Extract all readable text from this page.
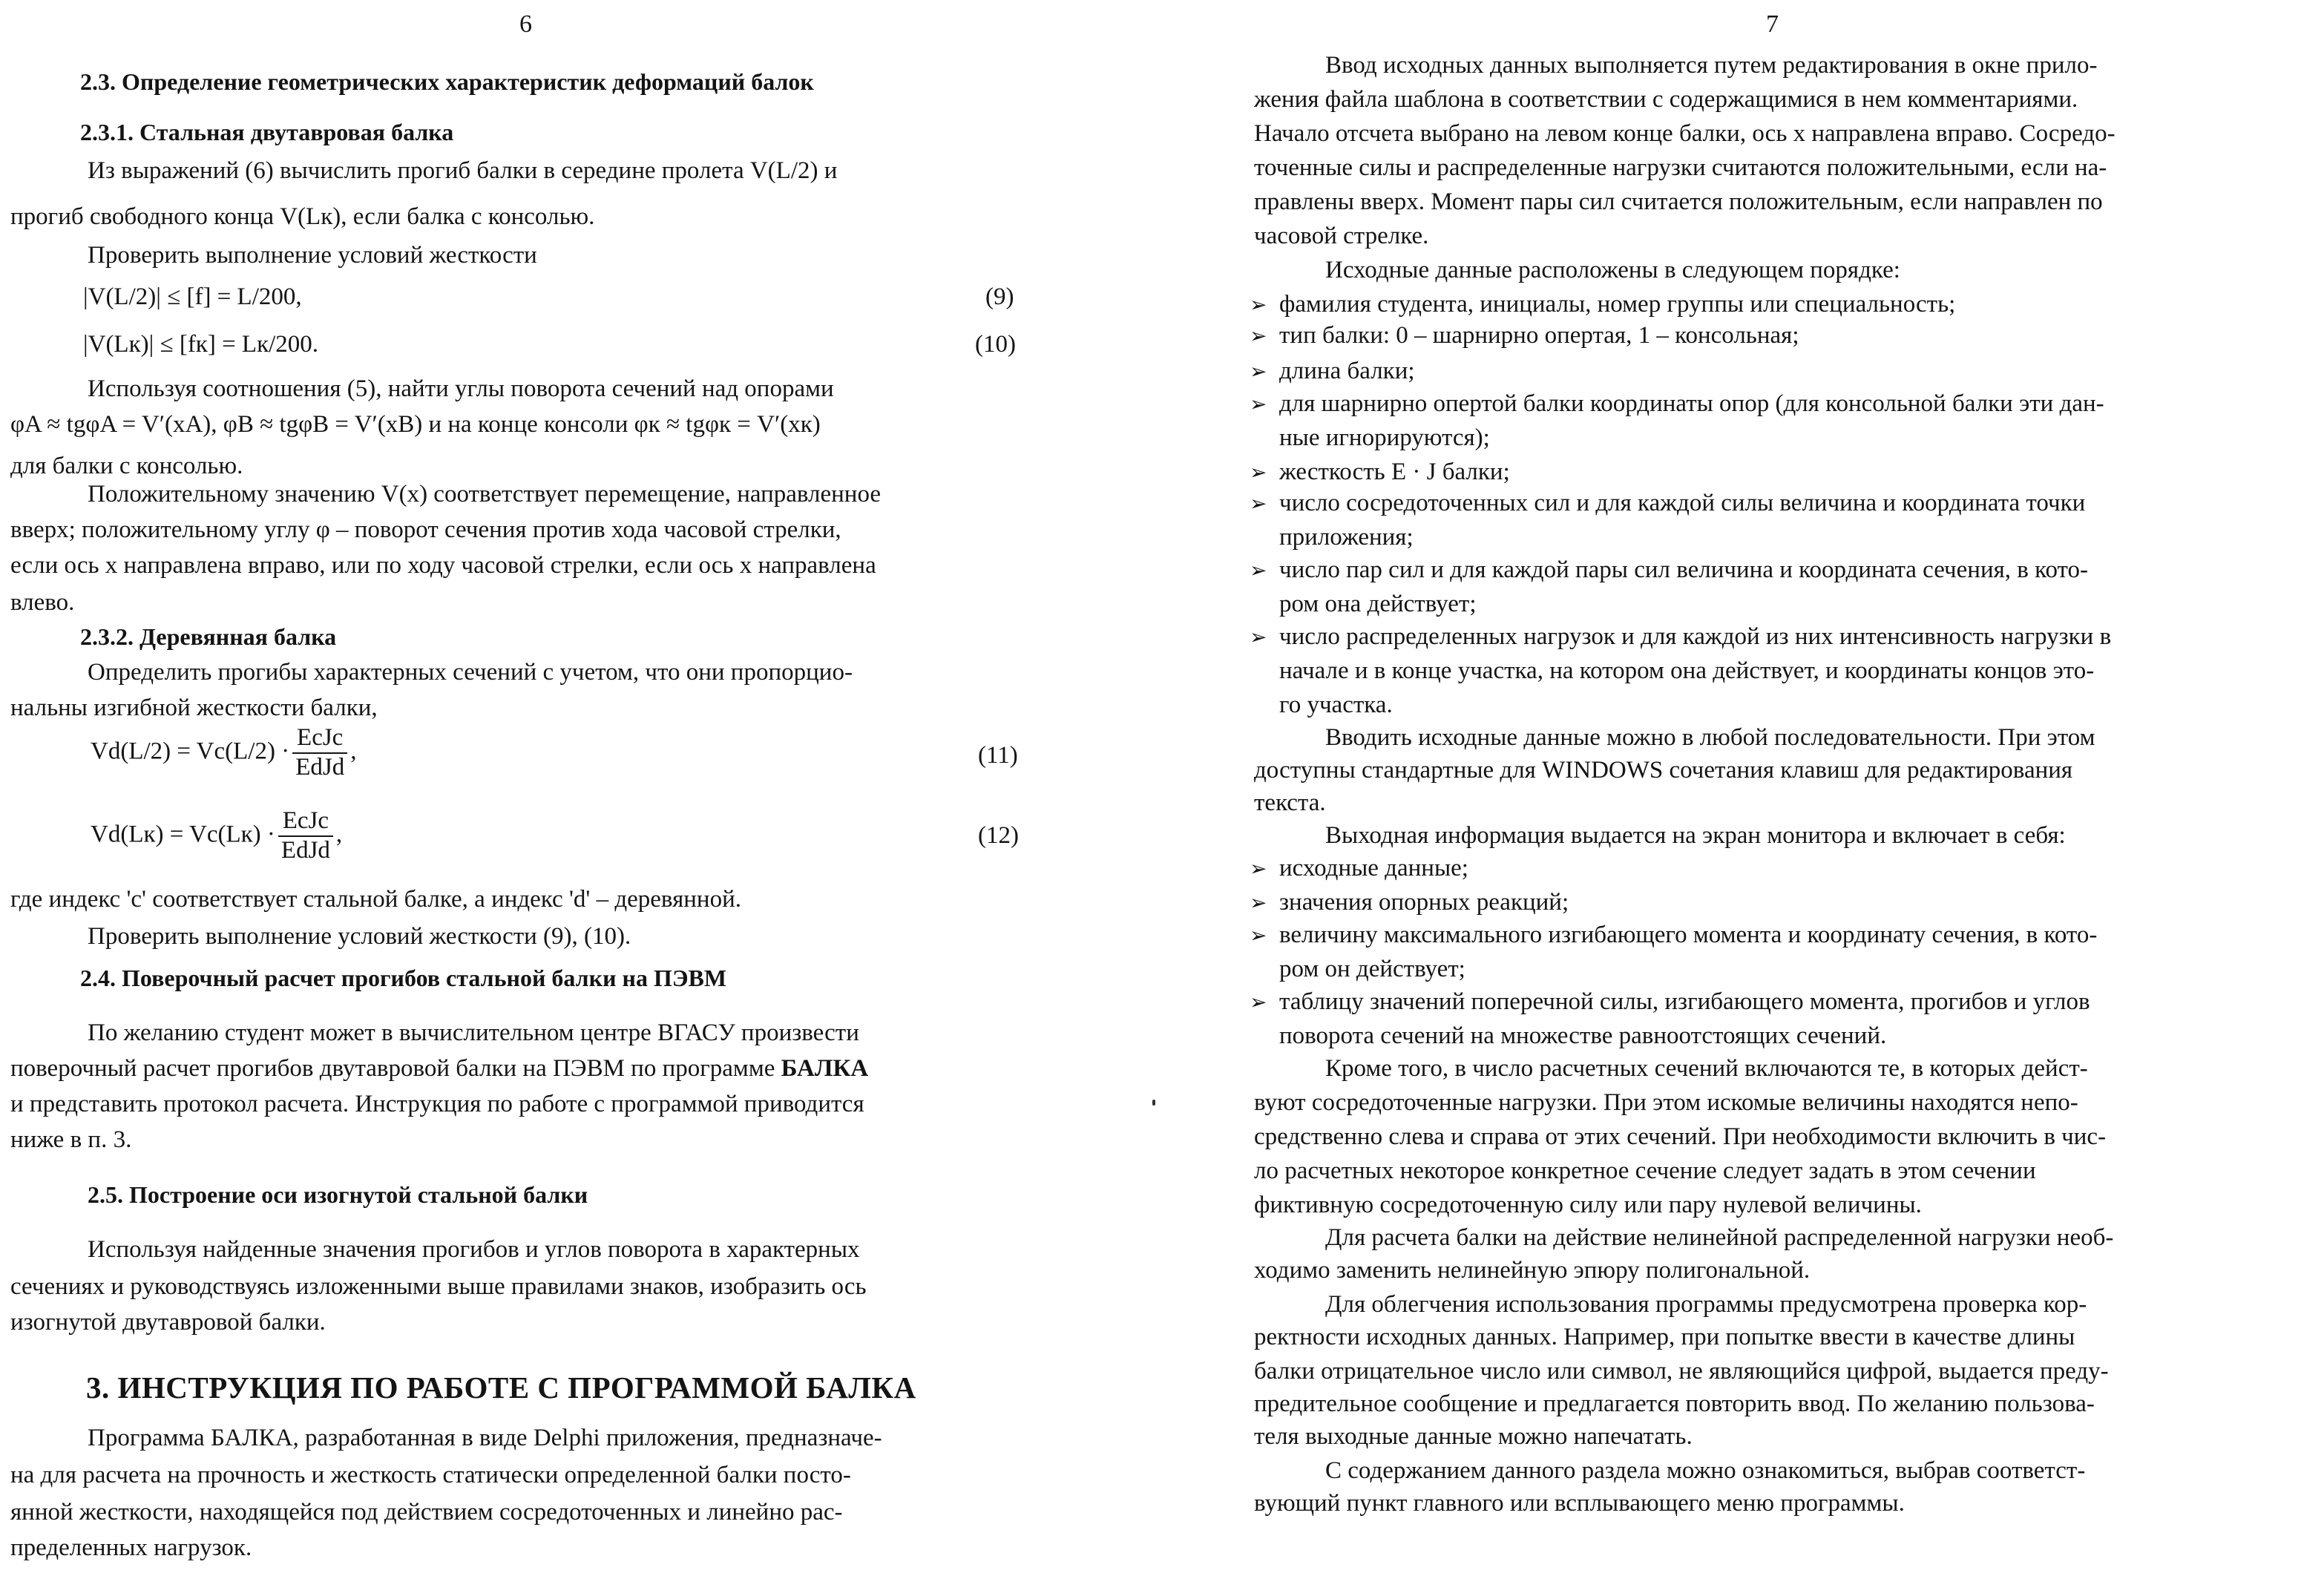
6
2.3. Определение геометрических характеристик деформаций балок
2.3.1. Стальная двутавровая балка
Из выражений (6) вычислить прогиб балки в середине пролета V(L/2) и
прогиб свободного конца V(Lк), если балка с консолью.
Проверить выполнение условий жесткости
|V(L/2)| ≤ [f] = L/200,	(9)
|V(Lк)| ≤ [fк] = Lк/200.	(10)
Используя соотношения (5), найти углы поворота сечений над опорами
φA ≈ tgφA = V′(xA), φB ≈ tgφB = V′(xB) и на конце консоли φк ≈ tgφк = V′(xк)
для балки с консолью.
Положительному значению V(x) соответствует перемещение, направленное
вверх; положительному углу φ – поворот сечения против хода часовой стрелки,
если ось x направлена вправо, или по ходу часовой стрелки, если ось x направлена
влево.
2.3.2. Деревянная балка
Определить прогибы характерных сечений с учетом, что они пропорцио-
нальны изгибной жесткости балки,
Vd(L/2) = Vc(L/2) ·
EcJc
EdJd
,	(11)
Vd(Lк) = Vc(Lк) ·
EcJc
EdJd
,	(12)
где индекс 'c' соответствует стальной балке, а индекс 'd' – деревянной.
Проверить выполнение условий жесткости (9), (10).
2.4. Поверочный расчет прогибов стальной балки на ПЭВМ
По желанию студент может в вычислительном центре ВГАСУ произвести
поверочный расчет прогибов двутавровой балки на ПЭВМ по программе БАЛКА
и представить протокол расчета. Инструкция по работе с программой приводится
ниже в п. 3.
2.5. Построение оси изогнутой стальной балки
Используя найденные значения прогибов и углов поворота в характерных
сечениях и руководствуясь изложенными выше правилами знаков, изобразить ось
изогнутой двутавровой балки.
3. ИНСТРУКЦИЯ ПО РАБОТЕ С ПРОГРАММОЙ БАЛКА
Программа БАЛКА, разработанная в виде Delphi приложения, предназначе-
на для расчета на прочность и жесткость статически определенной балки посто-
янной жесткости, находящейся под действием сосредоточенных и линейно рас-
пределенных нагрузок.
7
Ввод исходных данных выполняется путем редактирования в окне прило-
жения файла шаблона в соответствии с содержащимися в нем комментариями.
Начало отсчета выбрано на левом конце балки, ось x направлена вправо. Сосредо-
точенные силы и распределенные нагрузки считаются положительными, если на-
правлены вверх. Момент пары сил считается положительным, если направлен по
часовой стрелке.
Исходные данные расположены в следующем порядке:
➢ фамилия студента, инициалы, номер группы или специальность;
➢ тип балки: 0 – шарнирно опертая, 1 – консольная;
➢ длина балки;
➢ для шарнирно опертой балки координаты опор (для консольной балки эти дан-
ные игнорируются);
➢ жесткость E · J балки;
➢ число сосредоточенных сил и для каждой силы величина и координата точки
приложения;
➢ число пар сил и для каждой пары сил величина и координата сечения, в кото-
ром она действует;
➢ число распределенных нагрузок и для каждой из них интенсивность нагрузки в
начале и в конце участка, на котором она действует, и координаты концов это-
го участка.
Вводить исходные данные можно в любой последовательности. При этом
доступны стандартные для WINDOWS сочетания клавиш для редактирования
текста.
Выходная информация выдается на экран монитора и включает в себя:
➢ исходные данные;
➢ значения опорных реакций;
➢ величину максимального изгибающего момента и координату сечения, в кото-
ром он действует;
➢ таблицу значений поперечной силы, изгибающего момента, прогибов и углов
поворота сечений на множестве равноотстоящих сечений.
Кроме того, в число расчетных сечений включаются те, в которых дейст-
вуют сосредоточенные нагрузки. При этом искомые величины находятся непо-
средственно слева и справа от этих сечений. При необходимости включить в чис-
ло расчетных некоторое конкретное сечение следует задать в этом сечении
фиктивную сосредоточенную силу или пару нулевой величины.
Для расчета балки на действие нелинейной распределенной нагрузки необ-
ходимо заменить нелинейную эпюру полигональной.
Для облегчения использования программы предусмотрена проверка кор-
ректности исходных данных. Например, при попытке ввести в качестве длины
балки отрицательное число или символ, не являющийся цифрой, выдается преду-
предительное сообщение и предлагается повторить ввод. По желанию пользова-
теля выходные данные можно напечатать.
С содержанием данного раздела можно ознакомиться, выбрав соответст-
вующий пункт главного или всплывающего меню программы.
